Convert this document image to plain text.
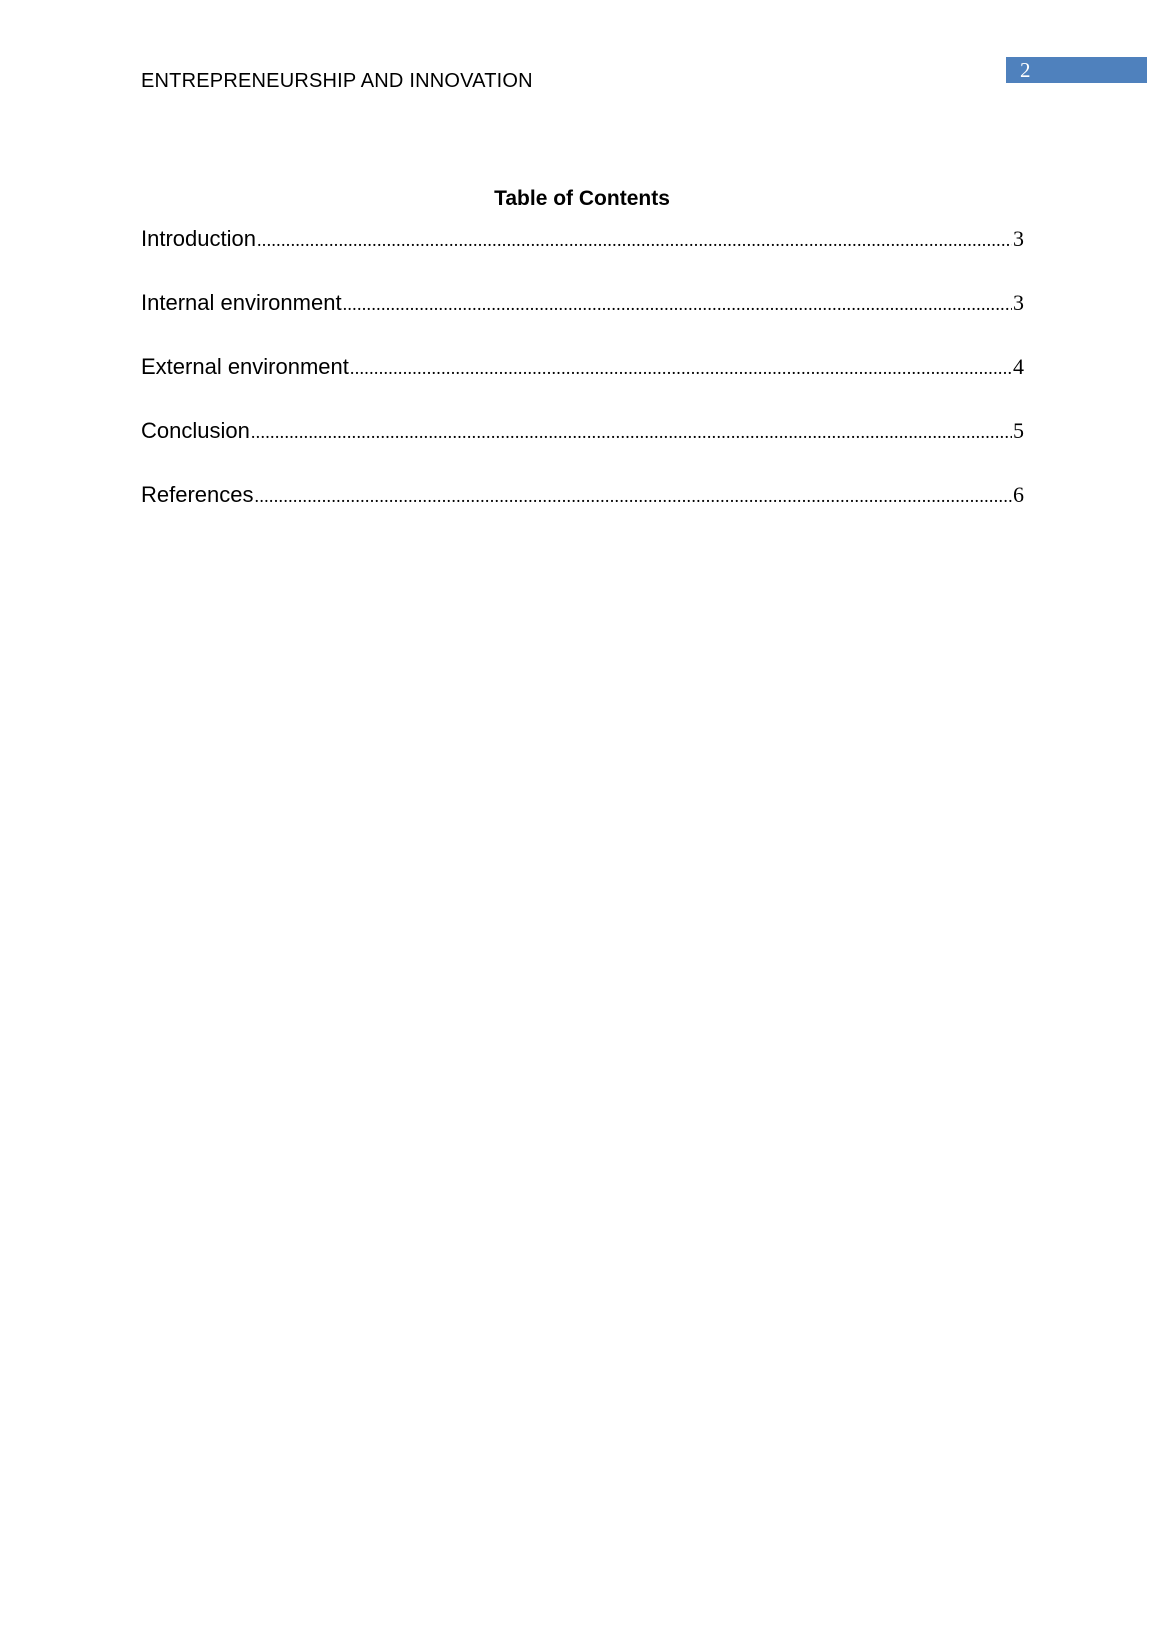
ENTREPRENEURSHIP AND INNOVATION	2
Table of Contents
Introduction .....	3
Internal environment .....	3
External environment .....	4
Conclusion .....	5
References .....	6
